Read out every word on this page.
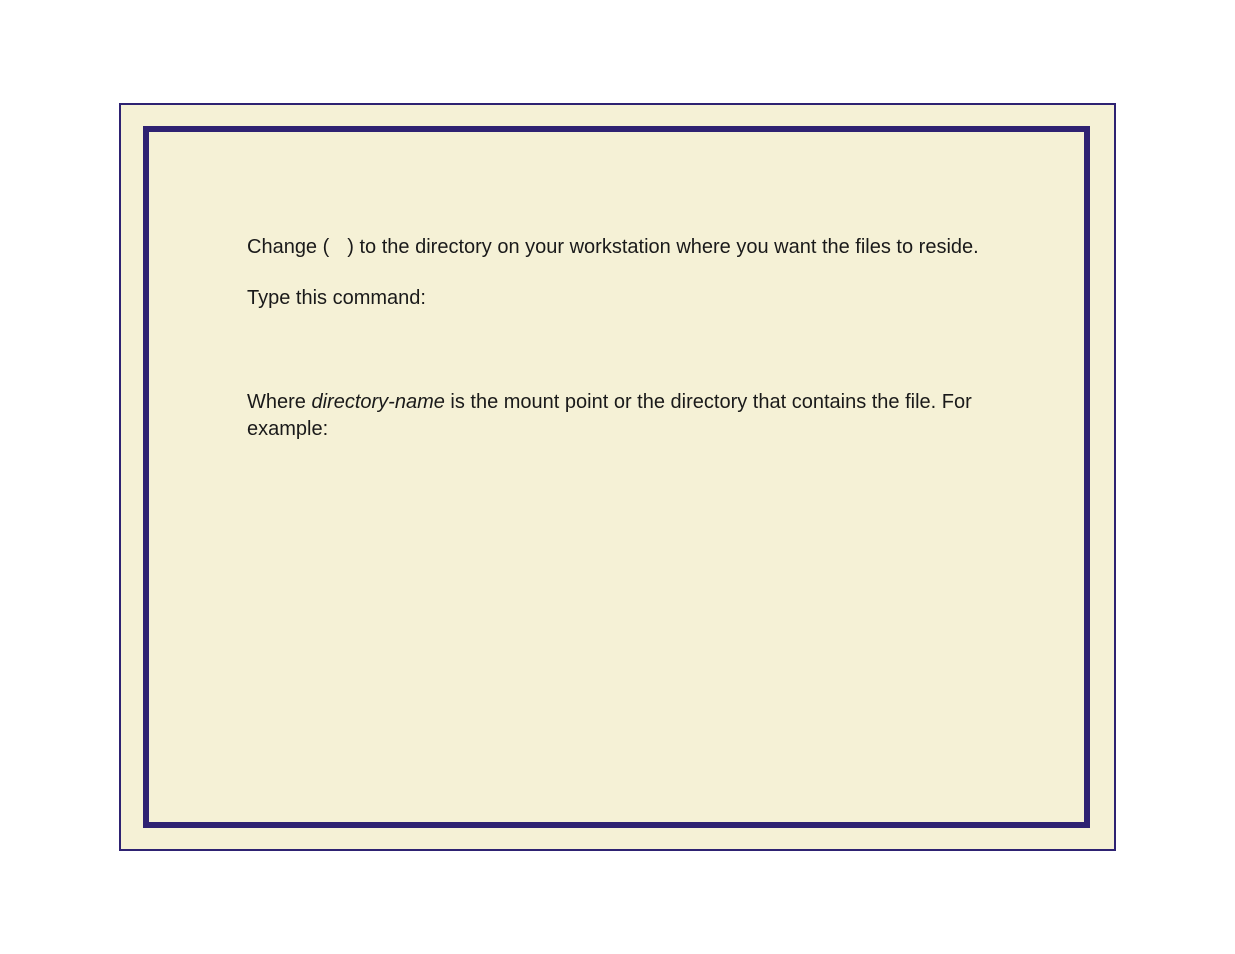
Change ( ) to the directory on your workstation where you want the files to reside.

Type this command:

Where directory-name is the mount point or the directory that contains the file. For example:
